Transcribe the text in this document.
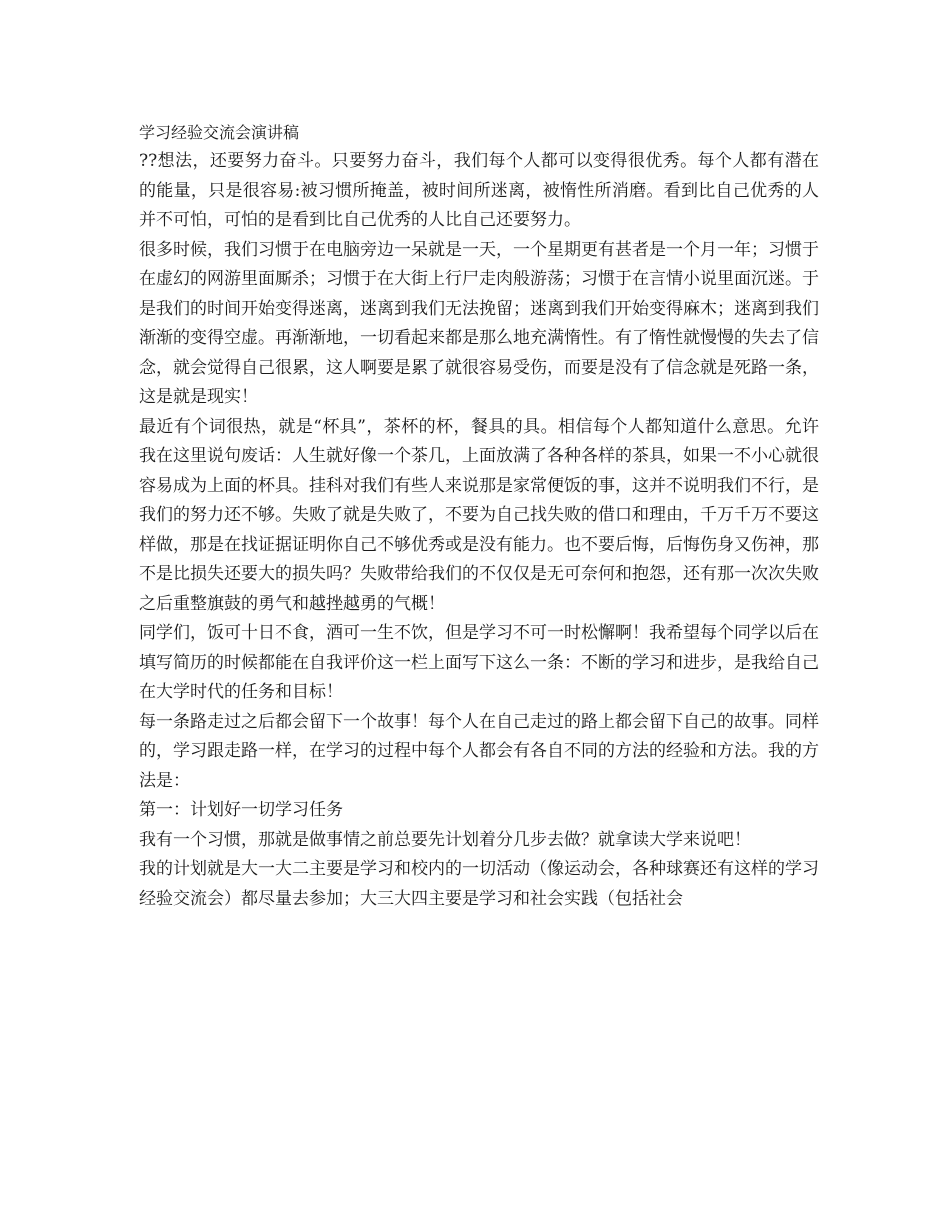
学习经验交流会演讲稿

??想法，还要努力奋斗。只要努力奋斗，我们每个人都可以变得很优秀。每个人都有潜在的能量，只是很容易:被习惯所掩盖，被时间所迷离，被惰性所消磨。看到比自己优秀的人并不可怕，可怕的是看到比自己优秀的人比自己还要努力。

很多时候，我们习惯于在电脑旁边一呆就是一天，一个星期更有甚者是一个月一年；习惯于在虚幻的网游里面厮杀；习惯于在大街上行尸走肉般游荡；习惯于在言情小说里面沉迷。于是我们的时间开始变得迷离，迷离到我们无法挽留；迷离到我们开始变得麻木；迷离到我们渐渐的变得空虚。再渐渐地，一切看起来都是那么地充满惰性。有了惰性就慢慢的失去了信念，就会觉得自己很累，这人啊要是累了就很容易受伤，而要是没有了信念就是死路一条，这是就是现实！

最近有个词很热，就是“杯具”，茶杯的杯，餐具的具。相信每个人都知道什么意思。允许我在这里说句废话：人生就好像一个茶几，上面放满了各种各样的茶具，如果一不小心就很容易成为上面的杯具。挂科对我们有些人来说那是家常便饭的事，这并不说明我们不行，是我们的努力还不够。失败了就是失败了，不要为自己找失败的借口和理由，千万千万不要这样做，那是在找证据证明你自己不够优秀或是没有能力。也不要后悔，后悔伤身又伤神，那不是比损失还要大的损失吗？失败带给我们的不仅仅是无可奈何和抱怨，还有那一次次失败之后重整旗鼓的勇气和越挫越勇的气概！

同学们，饭可十日不食，酒可一生不饮，但是学习不可一时松懈啊！我希望每个同学以后在填写简历的时候都能在自我评价这一栏上面写下这么一条：不断的学习和进步，是我给自己在大学时代的任务和目标！

每一条路走过之后都会留下一个故事！每个人在自己走过的路上都会留下自己的故事。同样的，学习跟走路一样，在学习的过程中每个人都会有各自不同的方法的经验和方法。我的方法是：

第一：计划好一切学习任务

我有一个习惯，那就是做事情之前总要先计划着分几步去做？就拿读大学来说吧！

我的计划就是大一大二主要是学习和校内的一切活动（像运动会，各种球赛还有这样的学习经验交流会）都尽量去参加；大三大四主要是学习和社会实践（包括社会
